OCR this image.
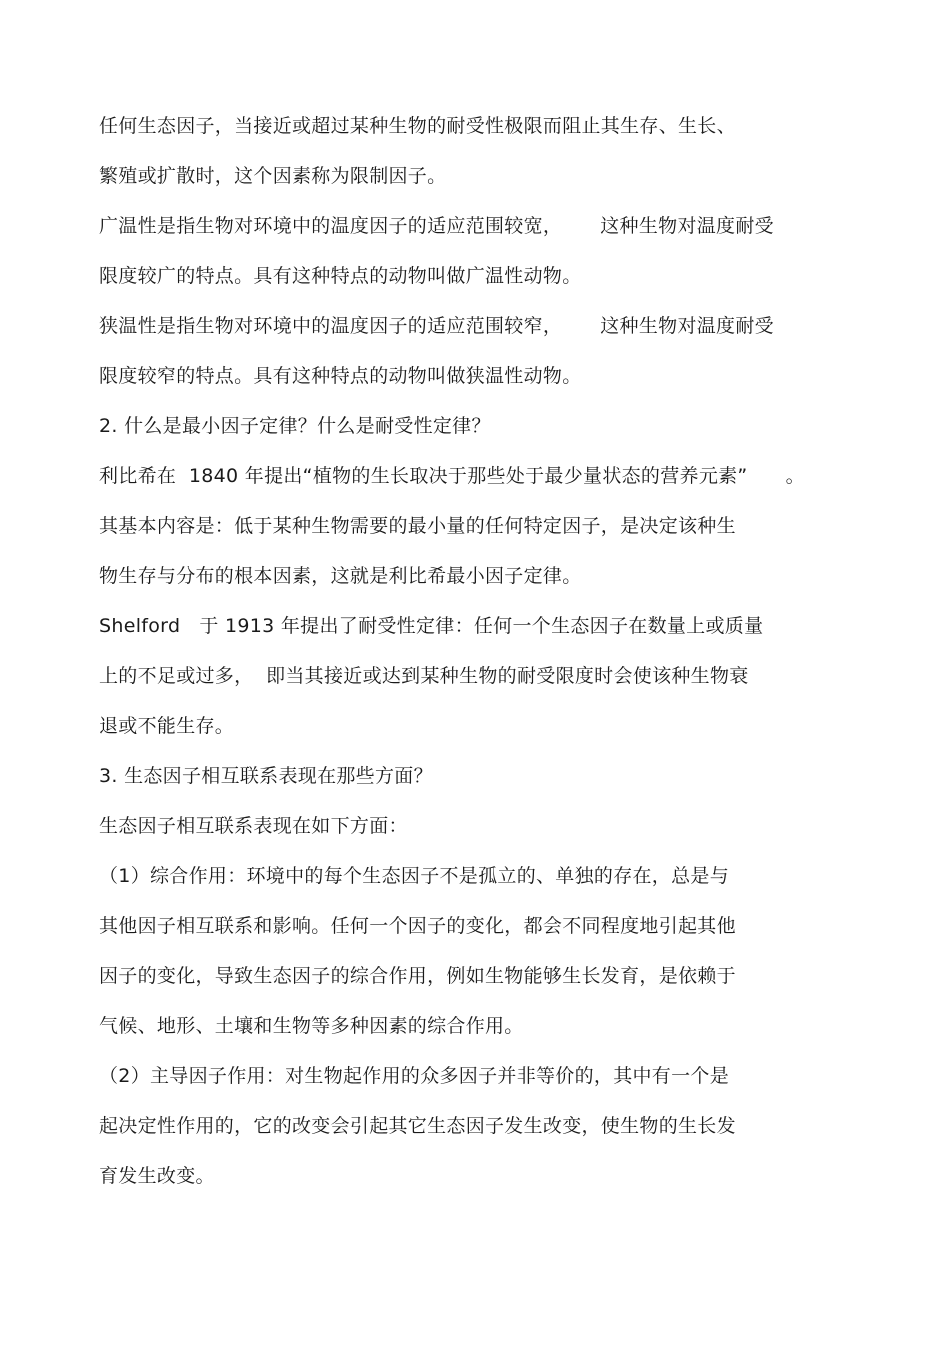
任何生态因子，当接近或超过某种生物的耐受性极限而阻止其生存、生长、
繁殖或扩散时，这个因素称为限制因子。
广温性是指生物对环境中的温度因子的适应范围较宽，      这种生物对温度耐受
限度较广的特点。具有这种特点的动物叫做广温性动物。
狭温性是指生物对环境中的温度因子的适应范围较窄，      这种生物对温度耐受
限度较窄的特点。具有这种特点的动物叫做狭温性动物。
2. 什么是最小因子定律？什么是耐受性定律？
利比希在  1840 年提出“植物的生长取决于那些处于最少量状态的营养元素”      。
其基本内容是：低于某种生物需要的最小量的任何特定因子，是决定该种生
物生存与分布的根本因素，这就是利比希最小因子定律。
Shelford   于 1913 年提出了耐受性定律：任何一个生态因子在数量上或质量
上的不足或过多，  即当其接近或达到某种生物的耐受限度时会使该种生物衰
退或不能生存。
3. 生态因子相互联系表现在那些方面？
生态因子相互联系表现在如下方面：
（1）综合作用：环境中的每个生态因子不是孤立的、单独的存在，总是与
其他因子相互联系和影响。任何一个因子的变化，都会不同程度地引起其他
因子的变化，导致生态因子的综合作用，例如生物能够生长发育，是依赖于
气候、地形、土壤和生物等多种因素的综合作用。
（2）主导因子作用：对生物起作用的众多因子并非等价的，其中有一个是
起决定性作用的，它的改变会引起其它生态因子发生改变，使生物的生长发
育发生改变。
